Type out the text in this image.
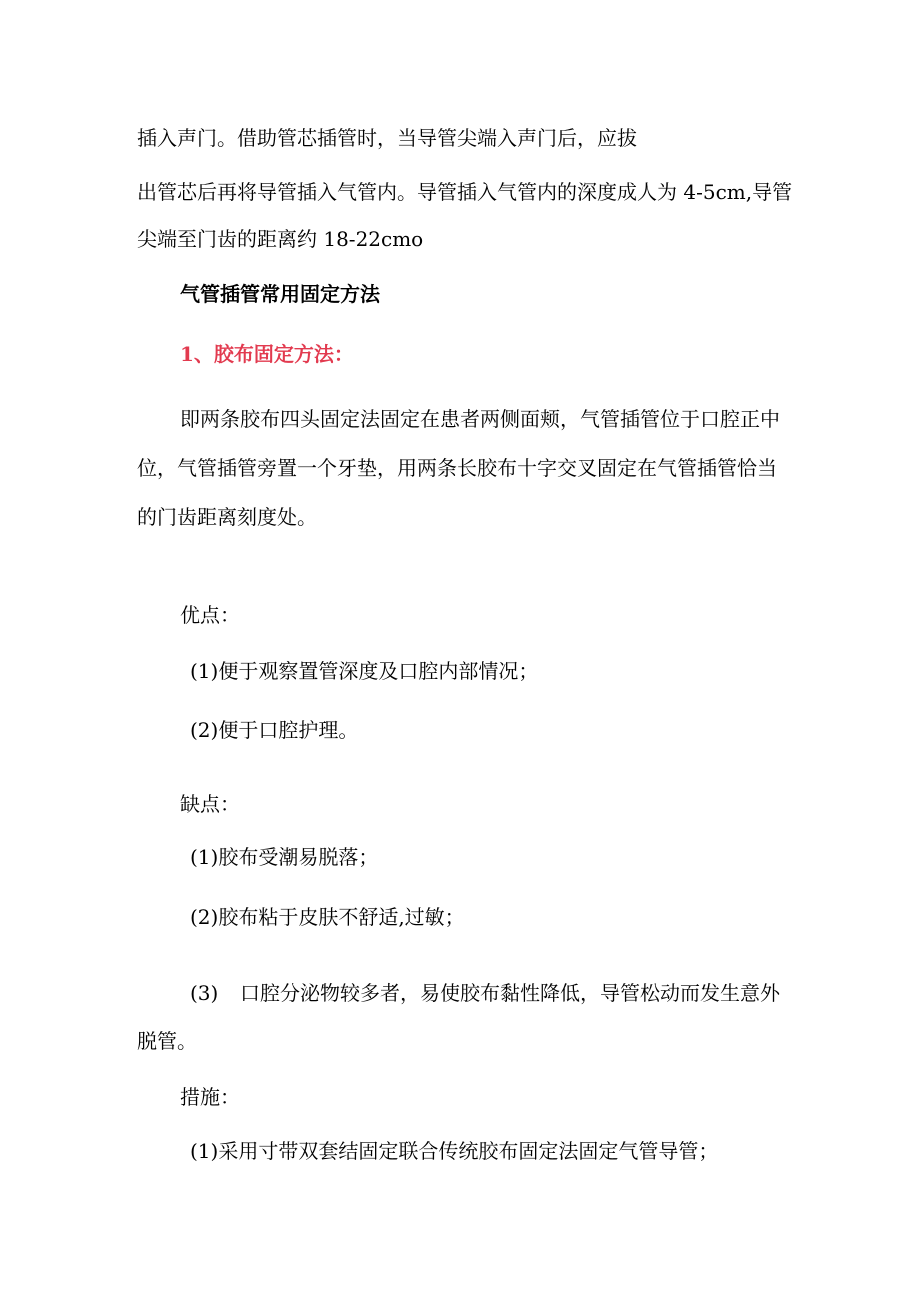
插入声门。借助管芯插管时，当导管尖端入声门后，应拔
出管芯后再将导管插入气管内。导管插入气管内的深度成人为 4-5cm,导管
尖端至门齿的距离约 18-22cmo
气管插管常用固定方法
1、胶布固定方法：
即两条胶布四头固定法固定在患者两侧面颊，气管插管位于口腔正中
位，气管插管旁置一个牙垫，用两条长胶布十字交叉固定在气管插管恰当
的门齿距离刻度处。
优点：
(1)便于观察置管深度及口腔内部情况；
(2)便于口腔护理。
缺点：
(1)胶布受潮易脱落；
(2)胶布粘于皮肤不舒适,过敏；
(3) 口腔分泌物较多者，易使胶布黏性降低，导管松动而发生意外
脱管。
措施：
(1)采用寸带双套结固定联合传统胶布固定法固定气管导管；
